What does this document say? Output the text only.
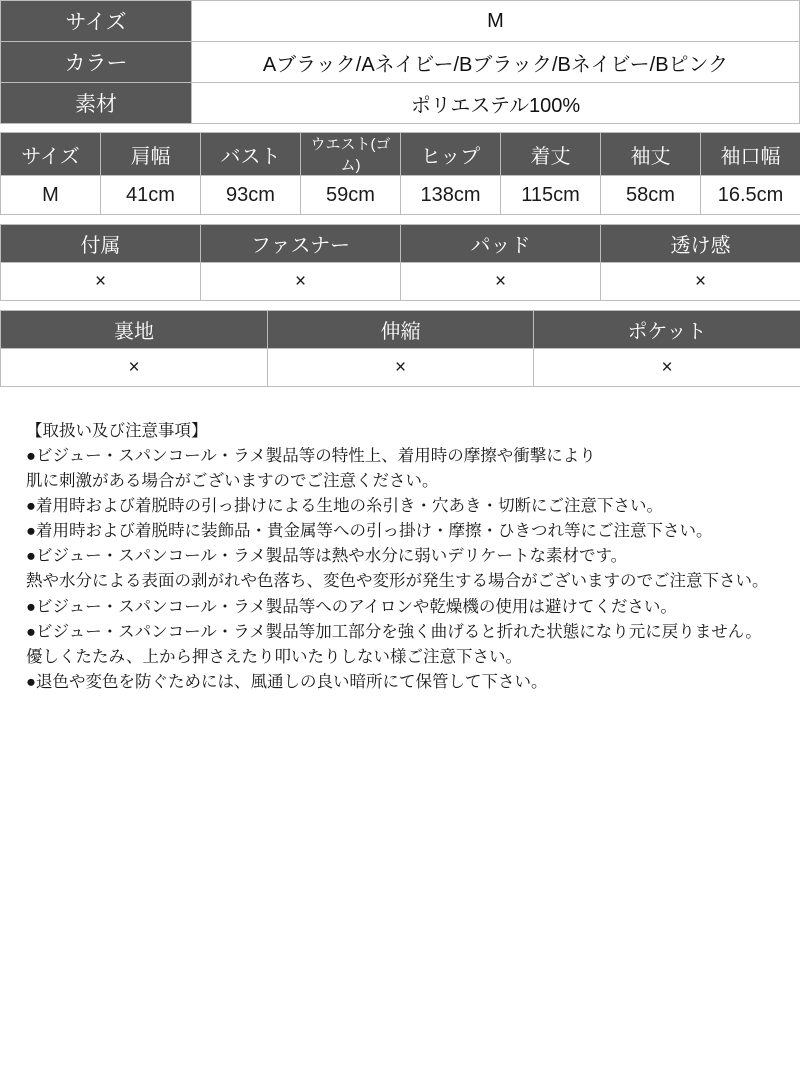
サイズ	M
カラー	Aブラック/Aネイビー/Bブラック/Bネイビー/Bピンク
素材	ポリエステル100%
サイズ	肩幅	バスト	ウエスト(ゴム)	ヒップ	着丈	袖丈	袖口幅
M	41cm	93cm	59cm	138cm	115cm	58cm	16.5cm
付属	ファスナー	パッド	透け感
×	×	×	×
裏地	伸縮	ポケット
×	×	×
【取扱い及び注意事項】
●ビジュー・スパンコール・ラメ製品等の特性上、着用時の摩擦や衝撃により
肌に刺激がある場合がございますのでご注意ください。
●着用時および着脱時の引っ掛けによる生地の糸引き・穴あき・切断にご注意下さい。
●着用時および着脱時に装飾品・貴金属等への引っ掛け・摩擦・ひきつれ等にご注意下さい。
●ビジュー・スパンコール・ラメ製品等は熱や水分に弱いデリケートな素材です。
熱や水分による表面の剥がれや色落ち、変色や変形が発生する場合がございますのでご注意下さい。
●ビジュー・スパンコール・ラメ製品等へのアイロンや乾燥機の使用は避けてください。
●ビジュー・スパンコール・ラメ製品等加工部分を強く曲げると折れた状態になり元に戻りません。
優しくたたみ、上から押さえたり叩いたりしない様ご注意下さい。
●退色や変色を防ぐためには、風通しの良い暗所にて保管して下さい。
